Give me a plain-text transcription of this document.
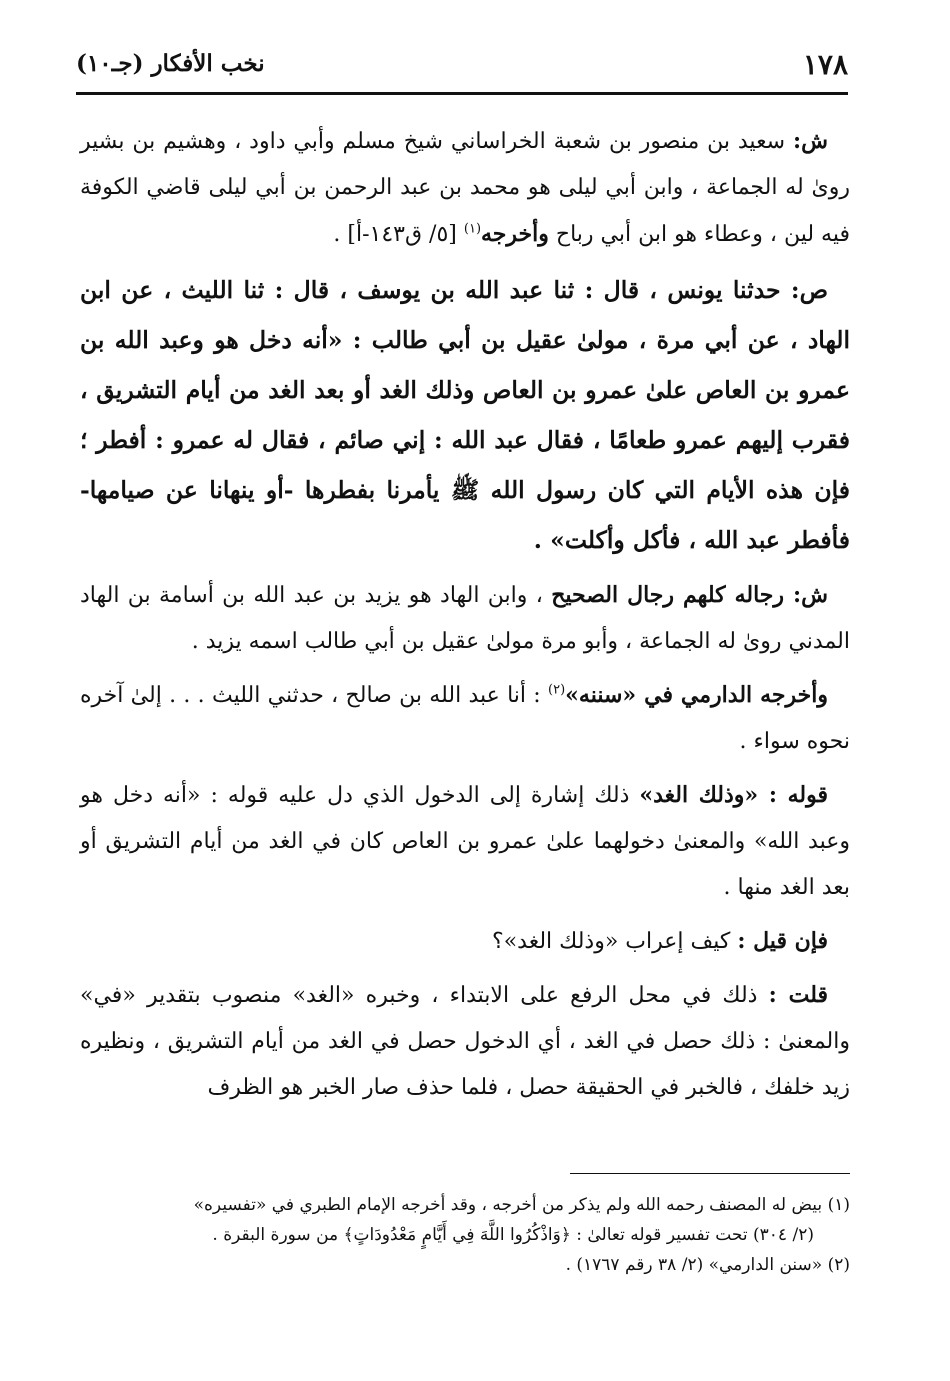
١٧٨
نخب الأفكار (جـ١٠)

ش: سعيد بن منصور بن شعبة الخراساني شيخ مسلم وأبي داود ، وهشيم بن بشير روىٰ له الجماعة ، وابن أبي ليلى هو محمد بن عبد الرحمن بن أبي ليلى قاضي الكوفة فيه لين ، وعطاء هو ابن أبي رباح وأخرجه$^{(١)}$ [٥/ ق١٤٣-أ] .

ص: حدثنا يونس ، قال : ثنا عبد الله بن يوسف ، قال : ثنا الليث ، عن ابن الهاد ، عن أبي مرة ، مولىٰ عقيل بن أبي طالب : «أنه دخل هو وعبد الله بن عمرو بن العاص علىٰ عمرو بن العاص وذلك الغد أو بعد الغد من أيام التشريق ، فقرب إليهم عمرو طعامًا ، فقال عبد الله : إني صائم ، فقال له عمرو : أفطر ؛ فإن هذه الأيام التي كان رسول الله ﷺ يأمرنا بفطرها -أو ينهانا عن صيامها- فأفطر عبد الله ، فأكل وأكلت» .

ش: رجاله كلهم رجال الصحيح ، وابن الهاد هو يزيد بن عبد الله بن أسامة بن الهاد المدني روىٰ له الجماعة ، وأبو مرة مولىٰ عقيل بن أبي طالب اسمه يزيد .

وأخرجه الدارمي في «سننه»$^{(٢)}$ : أنا عبد الله بن صالح ، حدثني الليث . . . إلىٰ آخره نحوه سواء .

قوله : «وذلك الغد» ذلك إشارة إلى الدخول الذي دل عليه قوله : «أنه دخل هو وعبد الله» والمعنىٰ دخولهما علىٰ عمرو بن العاص كان في الغد من أيام التشريق أو بعد الغد منها .

فإن قيل : كيف إعراب «وذلك الغد»؟

قلت : ذلك في محل الرفع على الابتداء ، وخبره «الغد» منصوب بتقدير «في» والمعنىٰ : ذلك حصل في الغد ، أي الدخول حصل في الغد من أيام التشريق ، ونظيره زيد خلفك ، فالخبر في الحقيقة حصل ، فلما حذف صار الخبر هو الظرف

(١) بيض له المصنف رحمه الله ولم يذكر من أخرجه ، وقد أخرجه الإمام الطبري في «تفسيره»

(٢/ ٣٠٤) تحت تفسير قوله تعالىٰ : ﴿وَاذْكُرُوا اللَّهَ فِي أَيَّامٍ مَعْدُودَاتٍ﴾ من سورة البقرة .

(٢) «سنن الدارمي» (٢/ ٣٨ رقم ١٧٦٧) .
